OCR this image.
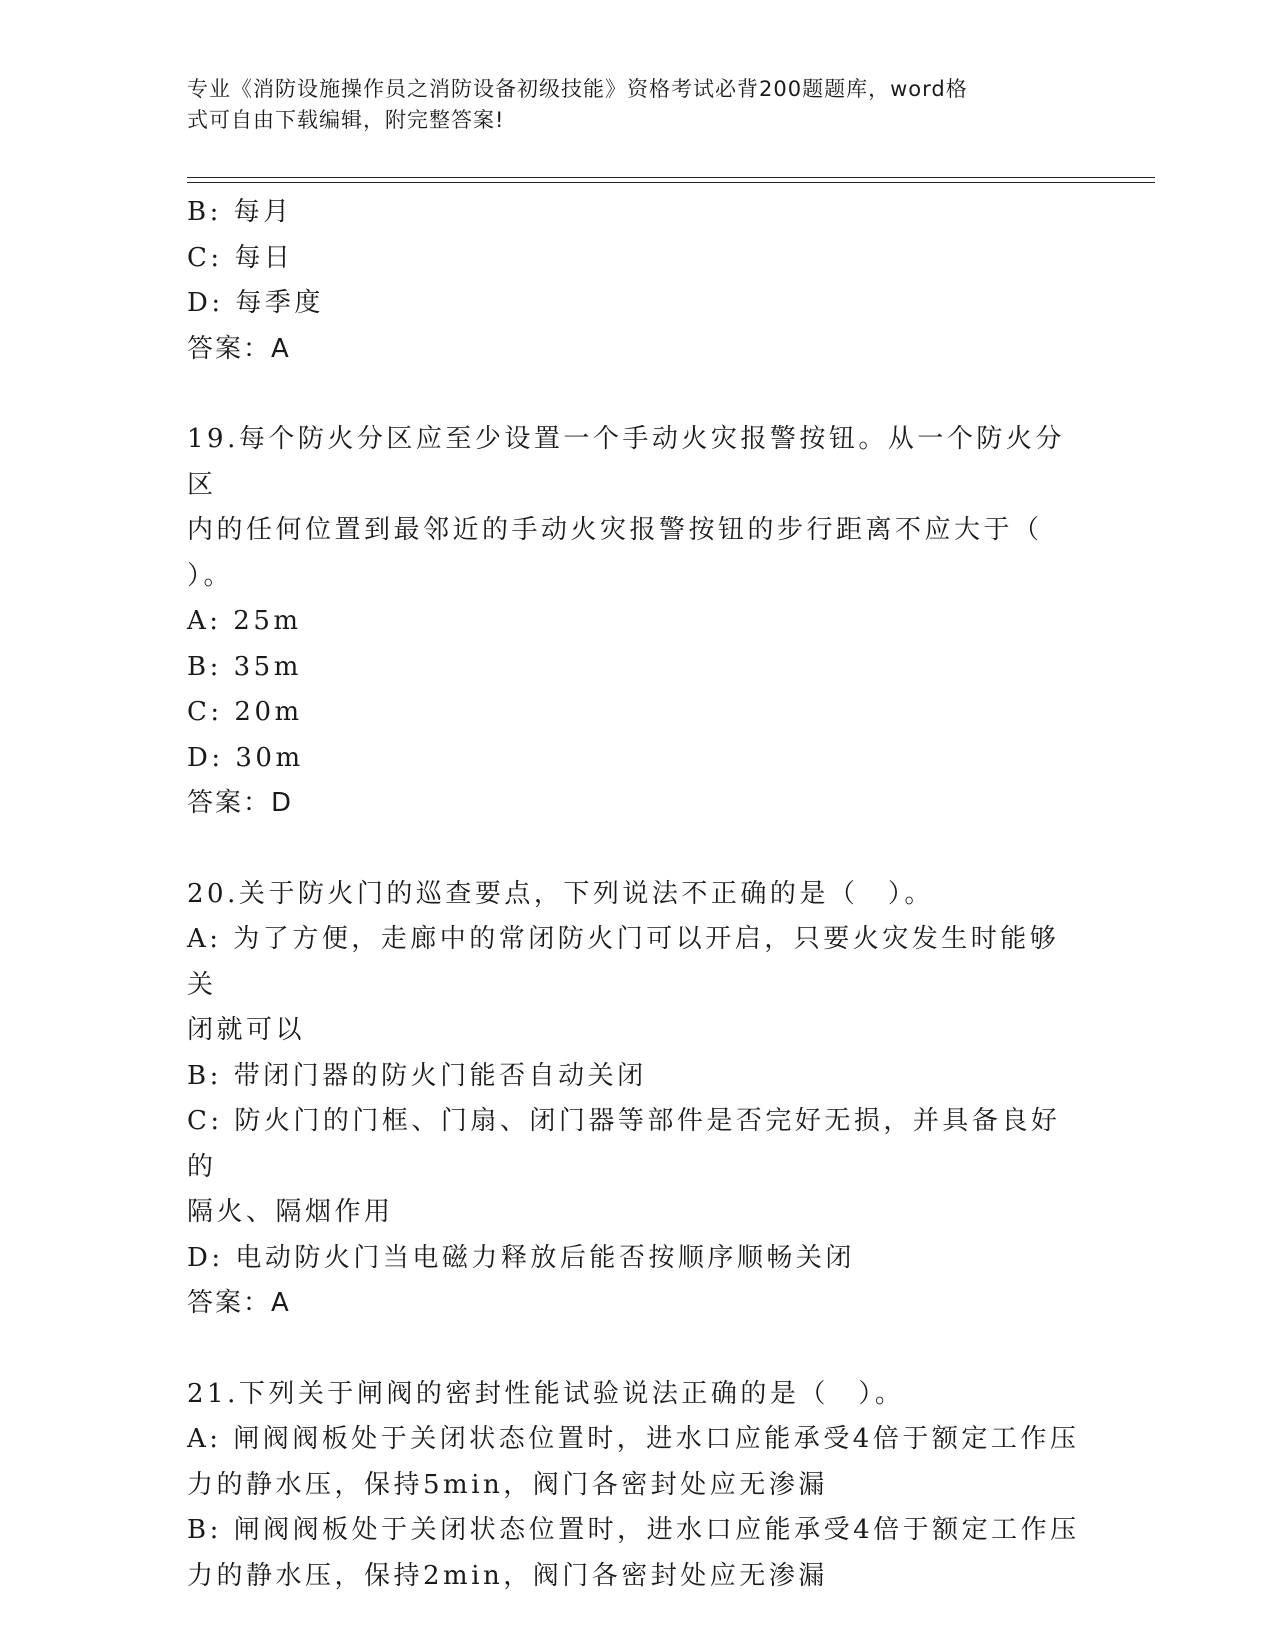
专业《消防设施操作员之消防设备初级技能》资格考试必背200题题库，word格
式可自由下载编辑，附完整答案!
B: 每月
C: 每日
D: 每季度
答案：A
19.每个防火分区应至少设置一个手动火灾报警按钮。从一个防火分区
内的任何位置到最邻近的手动火灾报警按钮的步行距离不应大于（
）。
A: 25m
B: 35m
C: 20m
D: 30m
答案：D
20.关于防火门的巡查要点，下列说法不正确的是（　）。
A: 为了方便，走廊中的常闭防火门可以开启，只要火灾发生时能够关
闭就可以
B: 带闭门器的防火门能否自动关闭
C: 防火门的门框、门扇、闭门器等部件是否完好无损，并具备良好的
隔火、隔烟作用
D: 电动防火门当电磁力释放后能否按顺序顺畅关闭
答案：A
21.下列关于闸阀的密封性能试验说法正确的是（　）。
A: 闸阀阀板处于关闭状态位置时，进水口应能承受4倍于额定工作压
力的静水压，保持5min，阀门各密封处应无渗漏
B: 闸阀阀板处于关闭状态位置时，进水口应能承受4倍于额定工作压
力的静水压，保持2min，阀门各密封处应无渗漏
